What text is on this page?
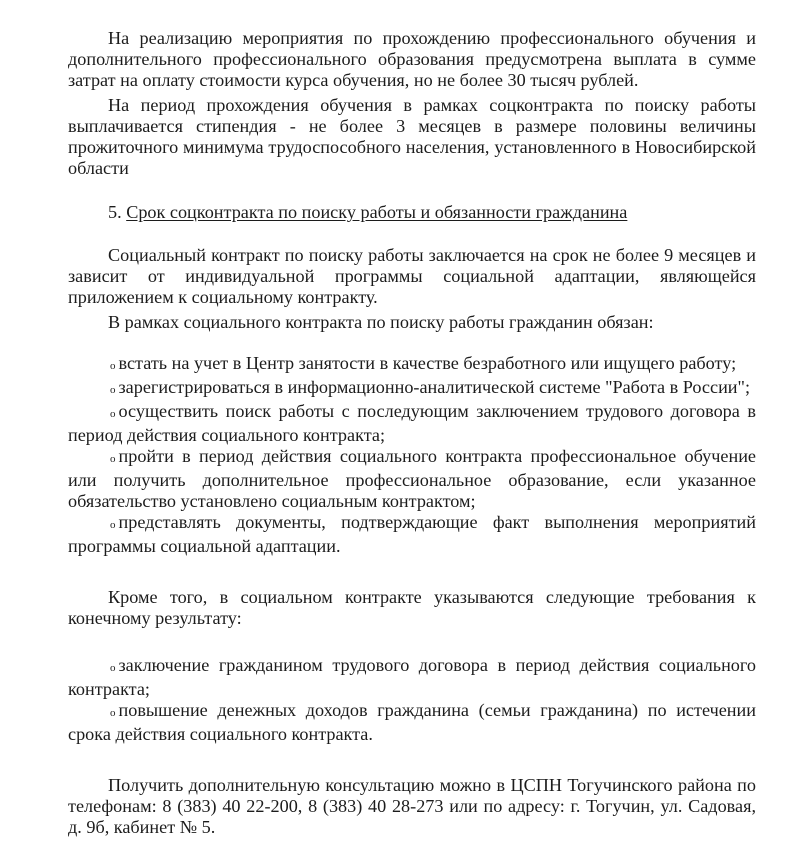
На реализацию мероприятия по прохождению профессионального обучения и дополнительного профессионального образования предусмотрена выплата в сумме затрат на оплату стоимости курса обучения, но не более 30 тысяч рублей.

На период прохождения обучения в рамках соцконтракта по поиску работы выплачивается стипендия - не более 3 месяцев в размере половины величины прожиточного минимума трудоспособного населения, установленного в Новосибирской области

5. Срок соцконтракта по поиску работы и обязанности гражданина

Социальный контракт по поиску работы заключается на срок не более 9 месяцев и зависит от индивидуальной программы социальной адаптации, являющейся приложением к социальному контракту.

В рамках социального контракта по поиску работы гражданин обязан:

o встать на учет в Центр занятости в качестве безработного или ищущего работу;

o зарегистрироваться в информационно-аналитической системе "Работа в России";

o осуществить поиск работы с последующим заключением трудового договора в период действия социального контракта;

o пройти в период действия социального контракта профессиональное обучение или получить дополнительное профессиональное образование, если указанное обязательство установлено социальным контрактом;

o представлять документы, подтверждающие факт выполнения мероприятий программы социальной адаптации.

Кроме того, в социальном контракте указываются следующие требования к конечному результату:

o заключение гражданином трудового договора в период действия социального контракта;

o повышение денежных доходов гражданина (семьи гражданина) по истечении срока действия социального контракта.

Получить дополнительную консультацию можно в ЦСПН Тогучинского района по телефонам: 8 (383) 40 22-200, 8 (383) 40 28-273 или по адресу: г. Тогучин, ул. Садовая, д. 9б, кабинет № 5.
